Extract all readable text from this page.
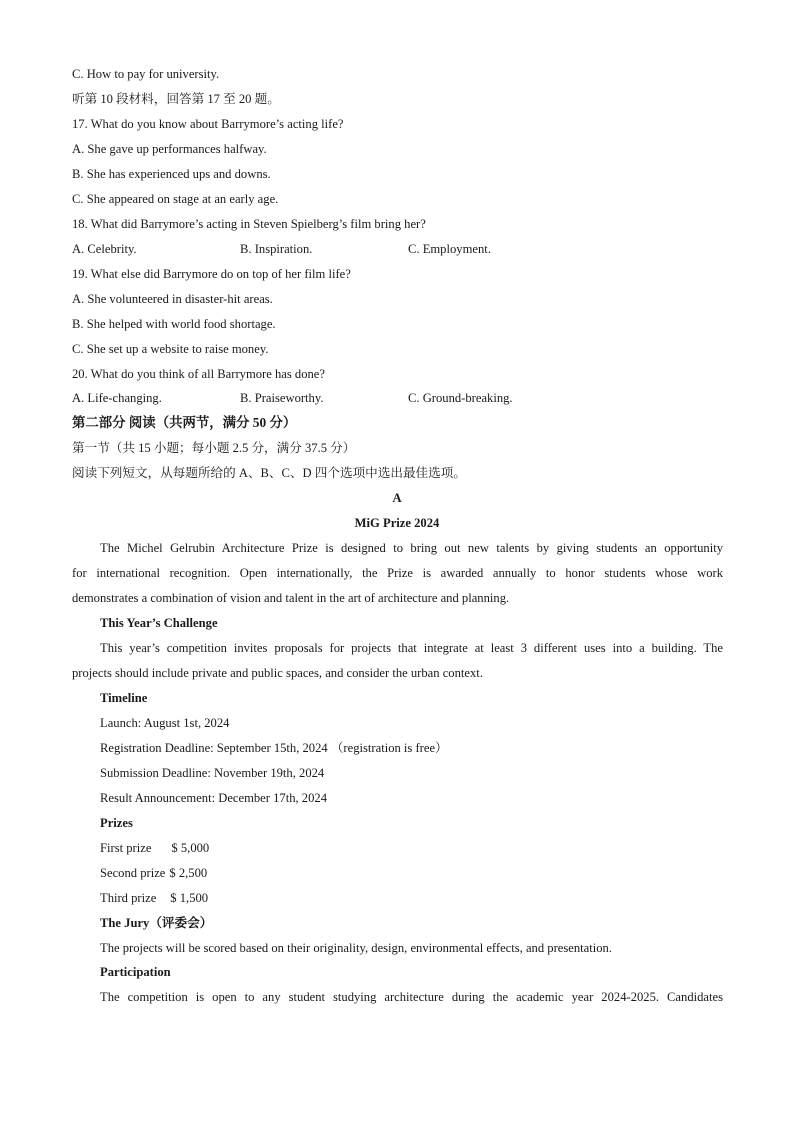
C. How to pay for university.
听第 10 段材料，回答第 17 至 20 题。
17. What do you know about Barrymore’s acting life?
A. She gave up performances halfway.
B. She has experienced ups and downs.
C. She appeared on stage at an early age.
18. What did Barrymore’s acting in Steven Spielberg’s film bring her?
A. Celebrity.	B. Inspiration.	C. Employment.
19. What else did Barrymore do on top of her film life?
A. She volunteered in disaster-hit areas.
B. She helped with world food shortage.
C. She set up a website to raise money.
20. What do you think of all Barrymore has done?
A. Life-changing.	B. Praiseworthy.	C. Ground-breaking.
第二部分 阅读（共两节，满分 50 分）
第一节（共 15 小题；每小题 2.5 分，满分 37.5 分）
阅读下列短文，从每题所给的 A、B、C、D 四个选项中选出最佳选项。
A
MiG Prize 2024
The Michel Gelrubin Architecture Prize is designed to bring out new talents by giving students an opportunity
for international recognition. Open internationally, the Prize is awarded annually to honor students whose work
demonstrates a combination of vision and talent in the art of architecture and planning.
This Year’s Challenge
This year’s competition invites proposals for projects that integrate at least 3 different uses into a building. The
projects should include private and public spaces, and consider the urban context.
Timeline
Launch: August 1st, 2024
Registration Deadline: September 15th, 2024 （registration is free）
Submission Deadline: November 19th, 2024
Result Announcement: December 17th, 2024
Prizes
First prize $ 5,000
Second prize $ 2,500
Third prize $ 1,500
The Jury（评委会）
The projects will be scored based on their originality, design, environmental effects, and presentation.
Participation
The competition is open to any student studying architecture during the academic year 2024-2025. Candidates
